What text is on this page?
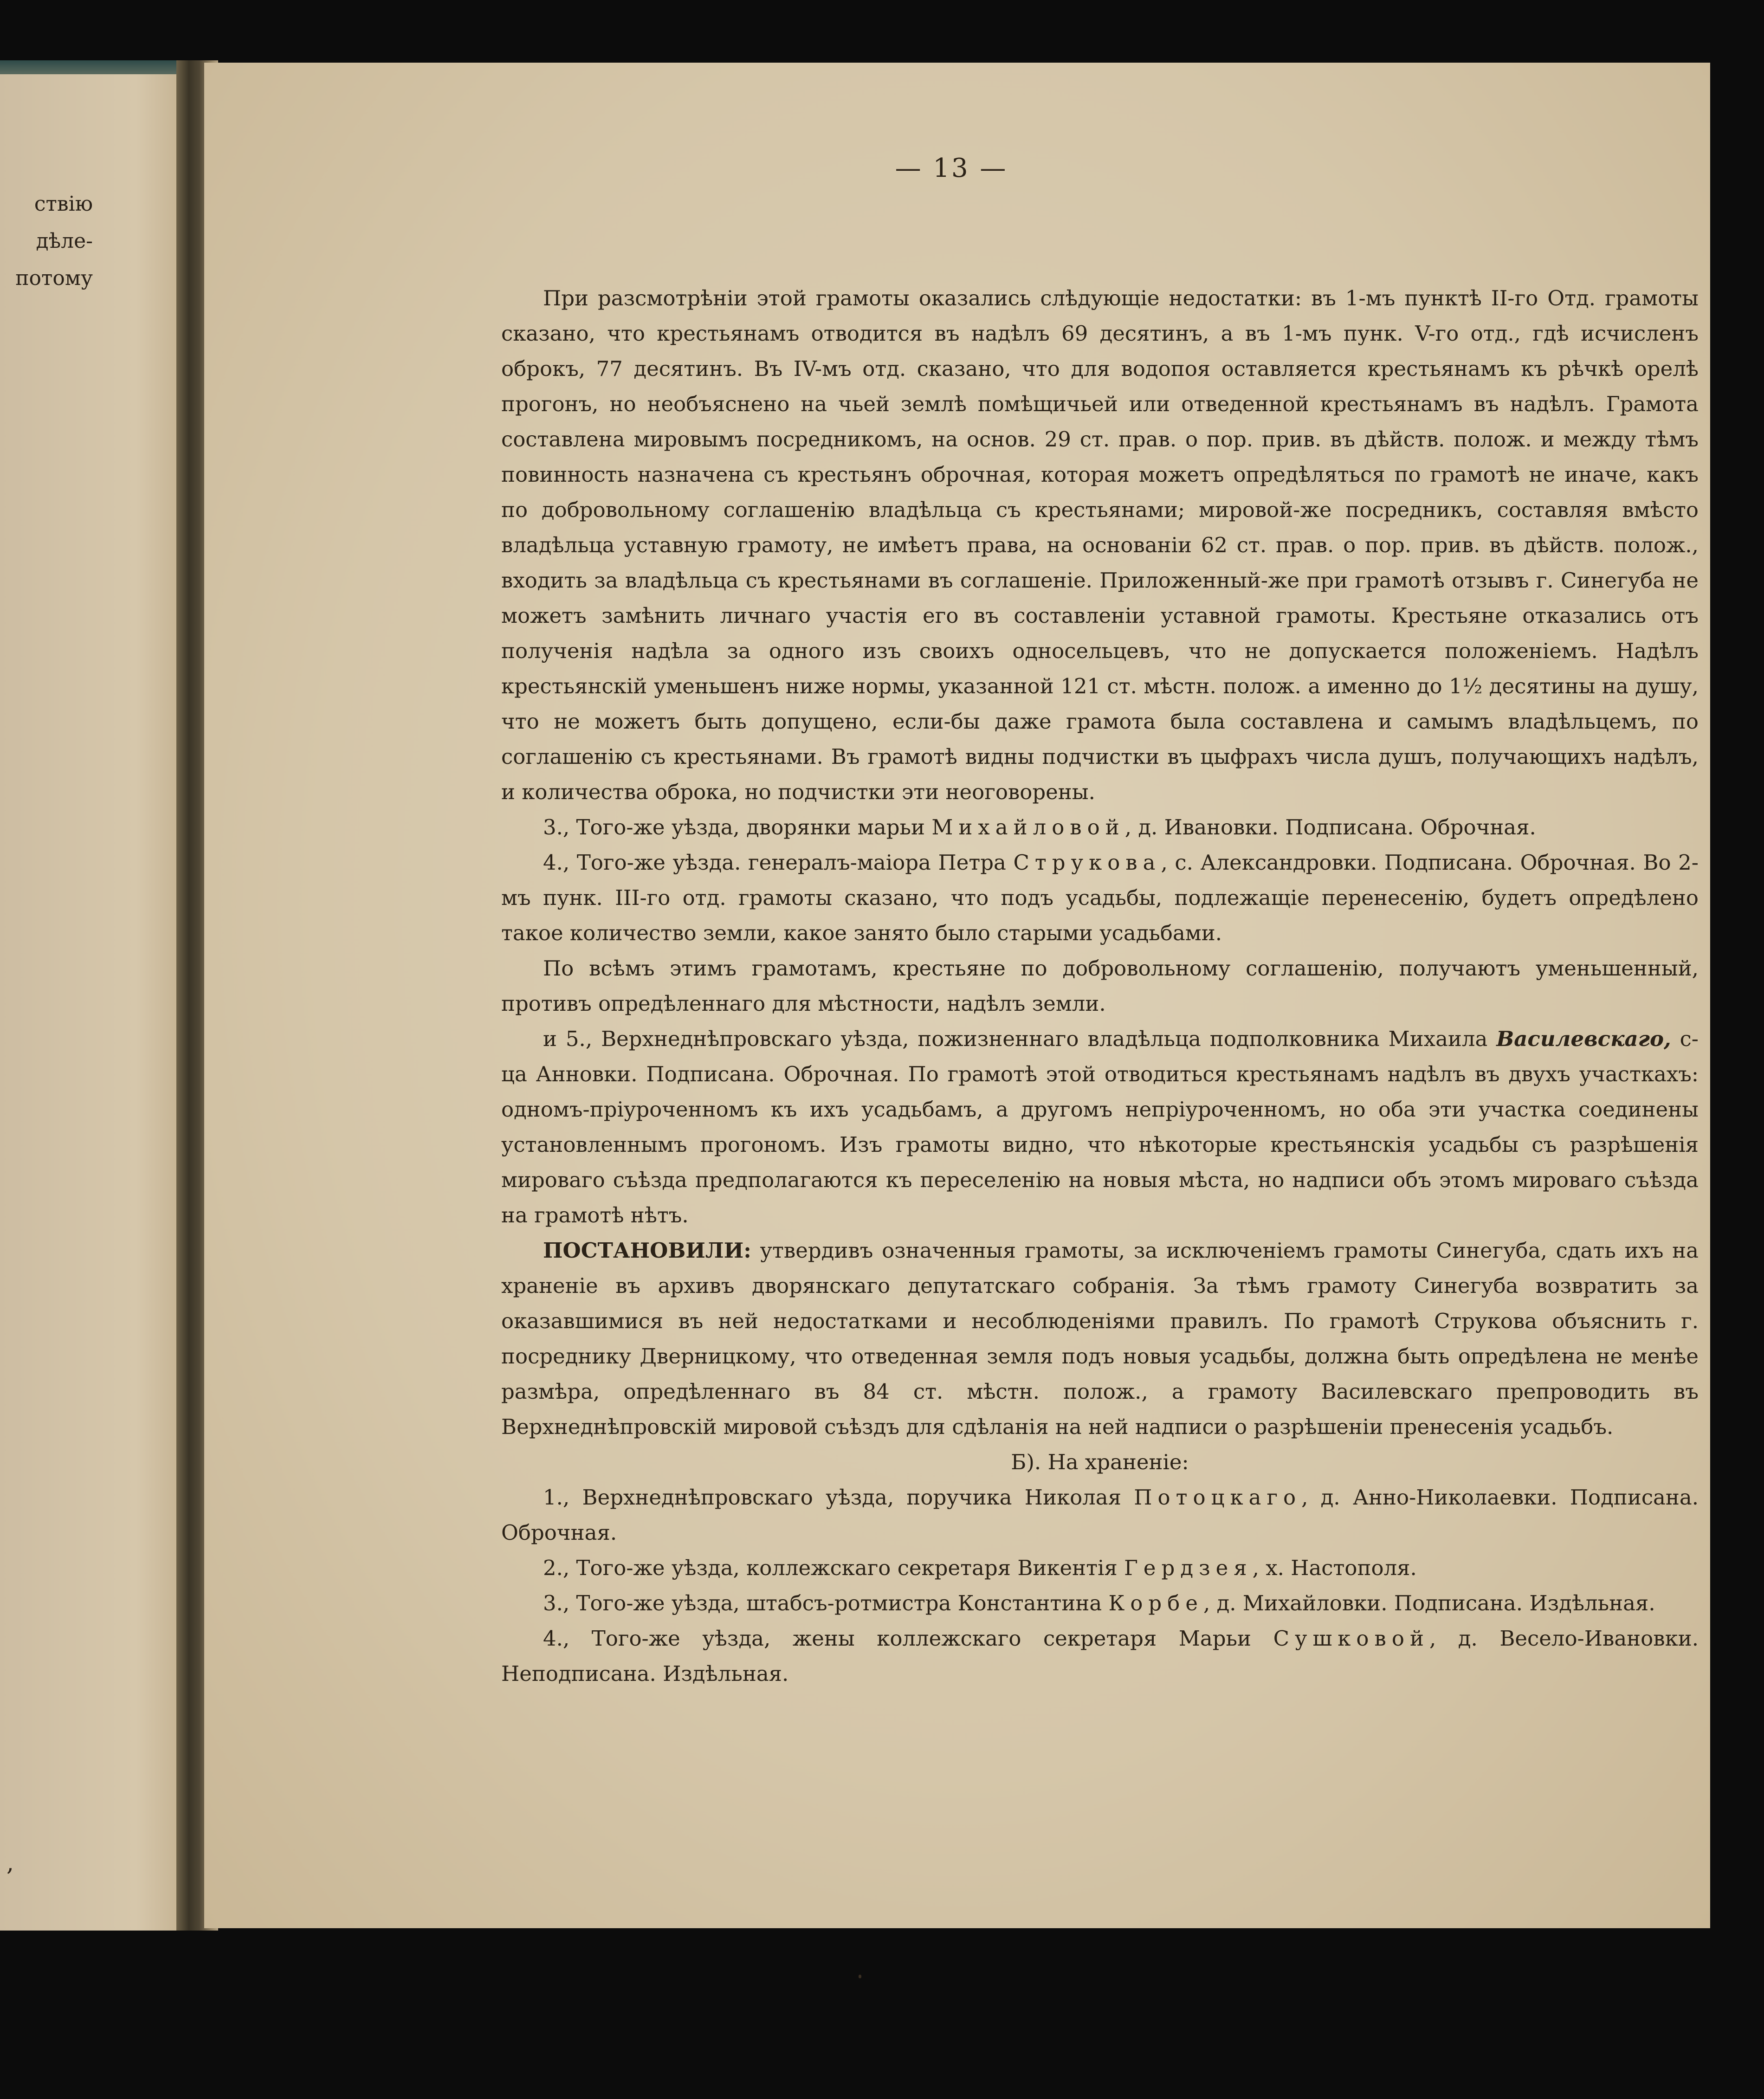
ствію
дѣле-
потому
,
— 13 —

При разсмотрѣніи этой грамоты оказались слѣдующіе недостатки: въ 1-мъ пунктѣ II-го Отд. грамоты сказано, что крестьянамъ отводится въ надѣлъ 69 десятинъ, а въ 1-мъ пунк. V-го отд., гдѣ исчисленъ оброкъ, 77 десятинъ. Въ IV-мъ отд. сказано, что для водопоя оставляется крестьянамъ къ рѣчкѣ орелѣ прогонъ, но необъяснено на чьей землѣ помѣщичьей или отведенной крестьянамъ въ надѣлъ. Грамота составлена мировымъ посредникомъ, на основ. 29 ст. прав. о пор. прив. въ дѣйств. полож. и между тѣмъ повинность назначена съ крестьянъ оброчная, которая можетъ опредѣляться по грамотѣ не иначе, какъ по добровольному соглашенію владѣльца съ крестьянами; мировой-же посредникъ, составляя вмѣсто владѣльца уставную грамоту, не имѣетъ права, на основаніи 62 ст. прав. о пор. прив. въ дѣйств. полож., входить за владѣльца съ крестьянами въ соглашеніе. Приложенный-же при грамотѣ отзывъ г. Синегуба не можетъ замѣнить личнаго участія его въ составленіи уставной грамоты. Крестьяне отказались отъ полученія надѣла за одного изъ своихъ односельцевъ, что не допускается положеніемъ. Надѣлъ крестьянскій уменьшенъ ниже нормы, указанной 121 ст. мѣстн. полож. а именно до 1½ десятины на душу, что не можетъ быть допущено, если-бы даже грамота была составлена и самымъ владѣльцемъ, по соглашенію съ крестьянами. Въ грамотѣ видны подчистки въ цыфрахъ числа душъ, получающихъ надѣлъ, и количества оброка, но подчистки эти неоговорены.

3., Того-же уѣзда, дворянки марьи Михайловой, д. Ивановки. Подписана. Оброчная.

4., Того-же уѣзда. генералъ-маіора Петра Струкова, с. Александровки. Подписана. Оброчная. Во 2-мъ пунк. III-го отд. грамоты сказано, что подъ усадьбы, подлежащіе перенесенію, будетъ опредѣлено такое количество земли, какое занято было старыми усадьбами.

По всѣмъ этимъ грамотамъ, крестьяне по добровольному соглашенію, получаютъ уменьшенный, противъ опредѣленнаго для мѣстности, надѣлъ земли.

и 5., Верхнеднѣпровскаго уѣзда, пожизненнаго владѣльца подполковника Михаила Василевскаго, с-ца Анновки. Подписана. Оброчная. По грамотѣ этой отводиться крестьянамъ надѣлъ въ двухъ участкахъ: одномъ-пріуроченномъ къ ихъ усадьбамъ, а другомъ непріуроченномъ, но оба эти участка соединены установленнымъ прогономъ. Изъ грамоты видно, что нѣкоторые крестьянскія усадьбы съ разрѣшенія мироваго съѣзда предполагаются къ переселенію на новыя мѣста, но надписи объ этомъ мироваго съѣзда на грамотѣ нѣтъ.

ПОСТАНОВИЛИ: утвердивъ означенныя грамоты, за исключеніемъ грамоты Синегуба, сдать ихъ на храненіе въ архивъ дворянскаго депутатскаго собранія. За тѣмъ грамоту Синегуба возвратить за оказавшимися въ ней недостатками и несоблюденіями правилъ. По грамотѣ Струкова объяснить г. посреднику Дверницкому, что отведенная земля подъ новыя усадьбы, должна быть опредѣлена не менѣе размѣра, опредѣленнаго въ 84 ст. мѣстн. полож., а грамоту Василевскаго препроводить въ Верхнеднѣпровскій мировой съѣздъ для сдѣланія на ней надписи о разрѣшеніи пренесенія усадьбъ.

Б). На храненіе:

1., Верхнеднѣпровскаго уѣзда, поручика Николая Потоцкаго, д. Анно-Николаевки. Подписана. Оброчная.

2., Того-же уѣзда, коллежскаго секретаря Викентія Гердзея, х. Настополя.

3., Того-же уѣзда, штабсъ-ротмистра Константина Корбе, д. Михайловки. Подписана. Издѣльная.

4., Того-же уѣзда, жены коллежскаго секретаря Марьи Сушковой, д. Весело-Ивановки. Неподписана. Издѣльная.
